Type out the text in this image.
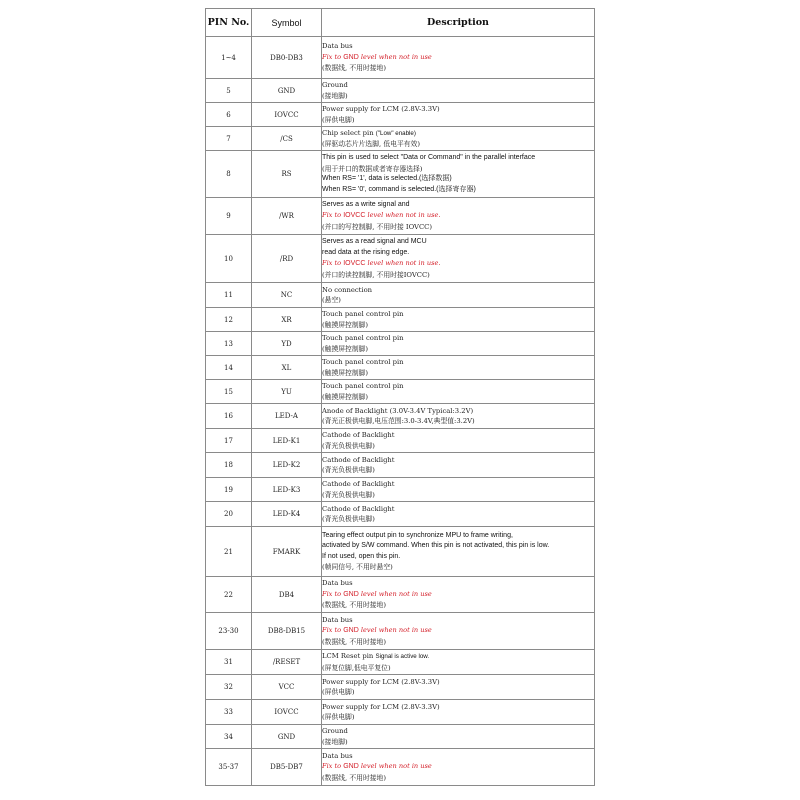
PIN No.	Symbol	Description
1~4	DB0-DB3	Data bus
Fix to GND level when not in use
(数据线, 不用时接地)

5	GND	Ground
(接地脚)

6	IOVCC	Power supply for LCM (2.8V-3.3V)
(屏供电脚)

7	/CS	Chip select pin ("Low" enable)
(屏驱动芯片片选脚, 低电平有效)

8	RS	This pin is used to select "Data or Command" in the parallel interface
(用于并口的数据或者寄存器选择)
When RS= '1', data is selected.(选择数据)
When RS= '0', command is selected.(选择寄存器)

9	/WR	Serves as a write signal and
Fix to IOVCC level when not in use.
(并口的写控制脚, 不用时接 IOVCC)

10	/RD	Serves as a read signal and MCU
read data at the rising edge.
Fix to IOVCC level when not in use.
(并口的读控制脚, 不用时接IOVCC)

11	NC	No connection
(悬空)

12	XR	Touch panel control pin
(触摸屏控制脚)

13	YD	Touch panel control pin
(触摸屏控制脚)

14	XL	Touch panel control pin
(触摸屏控制脚)

15	YU	Touch panel control pin
(触摸屏控制脚)

16	LED-A	Anode of Backlight (3.0V-3.4V Typical:3.2V)
(背光正极供电脚,电压范围:3.0-3.4V,典型值:3.2V)

17	LED-K1	Cathode of Backlight
(背光负极供电脚)

18	LED-K2	Cathode of Backlight
(背光负极供电脚)

19	LED-K3	Cathode of Backlight
(背光负极供电脚)

20	LED-K4	Cathode of Backlight
(背光负极供电脚)

21	FMARK	Tearing effect output pin to synchronize MPU to frame writing,
activated by S/W command. When this pin is not activated, this pin is low.
If not used, open this pin.
(帧同信号, 不用时悬空)

22	DB4	Data bus
Fix to GND level when not in use
(数据线, 不用时接地)

23-30	DB8-DB15	Data bus
Fix to GND level when not in use
(数据线, 不用时接地)

31	/RESET	LCM Reset pin Signal is active low.
(屏复位脚,低电平复位)

32	VCC	Power supply for LCM (2.8V-3.3V)
(屏供电脚)

33	IOVCC	Power supply for LCM (2.8V-3.3V)
(屏供电脚)

34	GND	Ground
(接地脚)

35-37	DB5-DB7	Data bus
Fix to GND level when not in use
(数据线, 不用时接地)
